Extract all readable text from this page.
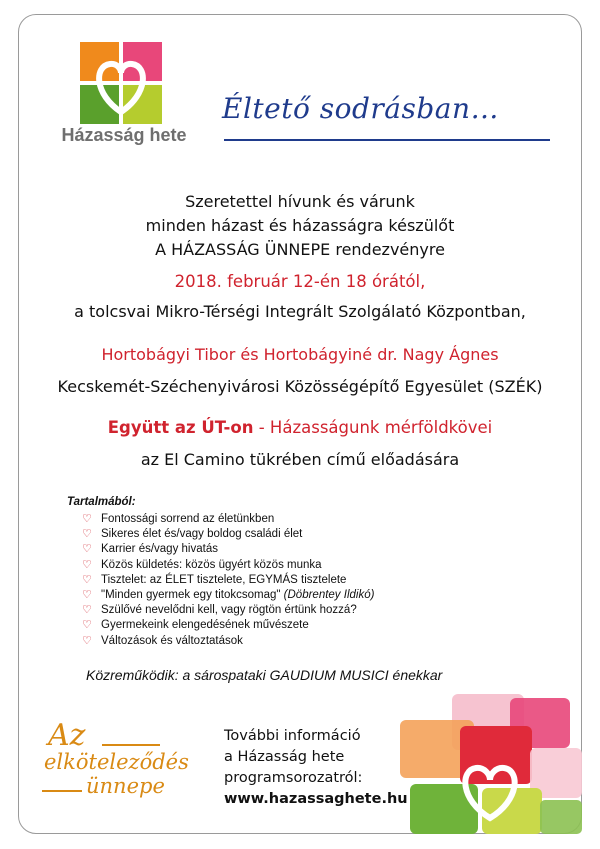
Házasság hete
Éltető sodrásban…
Szeretettel hívunk és várunk
minden házast és házasságra készülőt
A HÁZASSÁG ÜNNEPE rendezvényre
2018. február 12-én 18 órától,
a tolcsvai Mikro-Térségi Integrált Szolgálató Központban,
Hortobágyi Tibor és Hortobágyiné dr. Nagy Ágnes
Kecskemét-Széchenyivárosi Közösségépítő Egyesület (SZÉK)
Együtt az ÚT-on - Házasságunk mérföldkövei
az El Camino tükrében című előadására
Tartalmából:
♡ Fontossági sorrend az életünkben
♡ Sikeres élet és/vagy boldog családi élet
♡ Karrier és/vagy hivatás
♡ Közös küldetés: közös ügyért közös munka
♡ Tisztelet: az ÉLET tisztelete, EGYMÁS tisztelete
♡ "Minden gyermek egy titokcsomag" (Döbrentey Ildikó)
♡ Szülővé nevelődni kell, vagy rögtön értünk hozzá?
♡ Gyermekeink elengedésének művészete
♡ Változások és változtatások
Közreműködik: a sárospataki GAUDIUM MUSICI énekkar
Az
elköteleződés
ünnepe
További információ
a Házasság hete
programsorozatról:
www.hazassaghete.hu
